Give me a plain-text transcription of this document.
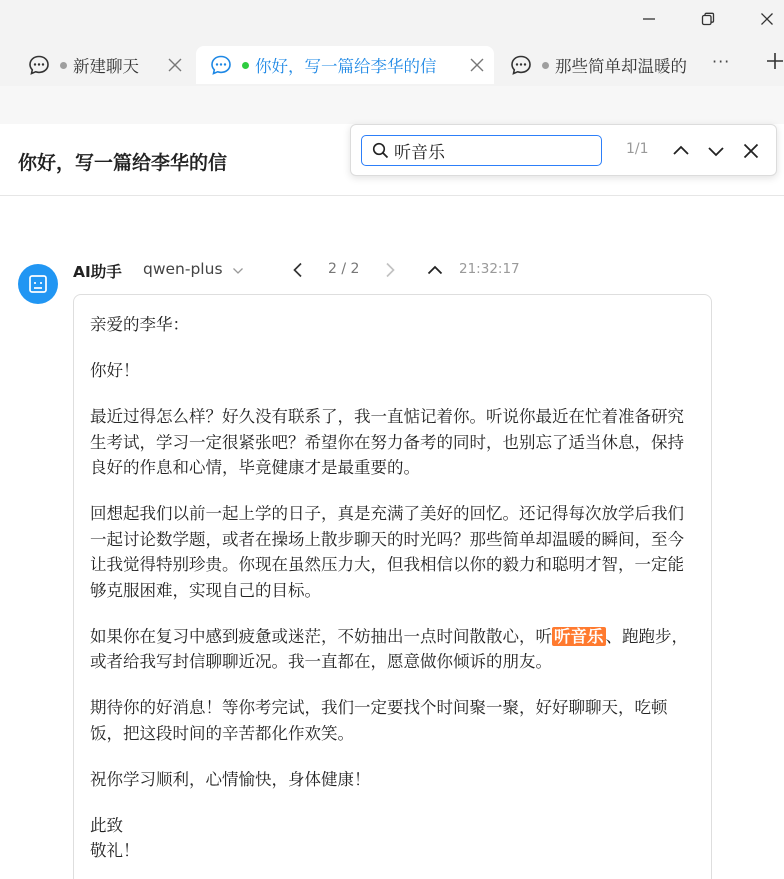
新建聊天	你好，写一篇给李华的信	那些简单却温暖的 ···
你好，写一篇给李华的信
听音乐
1/1
AI助手 qwen-plus	2 / 2	21:32:17

亲爱的李华：

你好！

最近过得怎么样？好久没有联系了，我一直惦记着你。听说你最近在忙着准备研究生考试，学习一定很紧张吧？希望你在努力备考的同时，也别忘了适当休息，保持良好的作息和心情，毕竟健康才是最重要的。

回想起我们以前一起上学的日子，真是充满了美好的回忆。还记得每次放学后我们一起讨论数学题，或者在操场上散步聊天的时光吗？那些简单却温暖的瞬间，至今让我觉得特别珍贵。你现在虽然压力大，但我相信以你的毅力和聪明才智，一定能够克服困难，实现自己的目标。

如果你在复习中感到疲惫或迷茫，不妨抽出一点时间散散心，听 听音乐 、跑跑步，或者给我写封信聊聊近况。我一直都在，愿意做你倾诉的朋友。

期待你的好消息！等你考完试，我们一定要找个时间聚一聚，好好聊聊天，吃顿饭，把这段时间的辛苦都化作欢笑。

祝你学习顺利，心情愉快，身体健康！

此致

敬礼！
